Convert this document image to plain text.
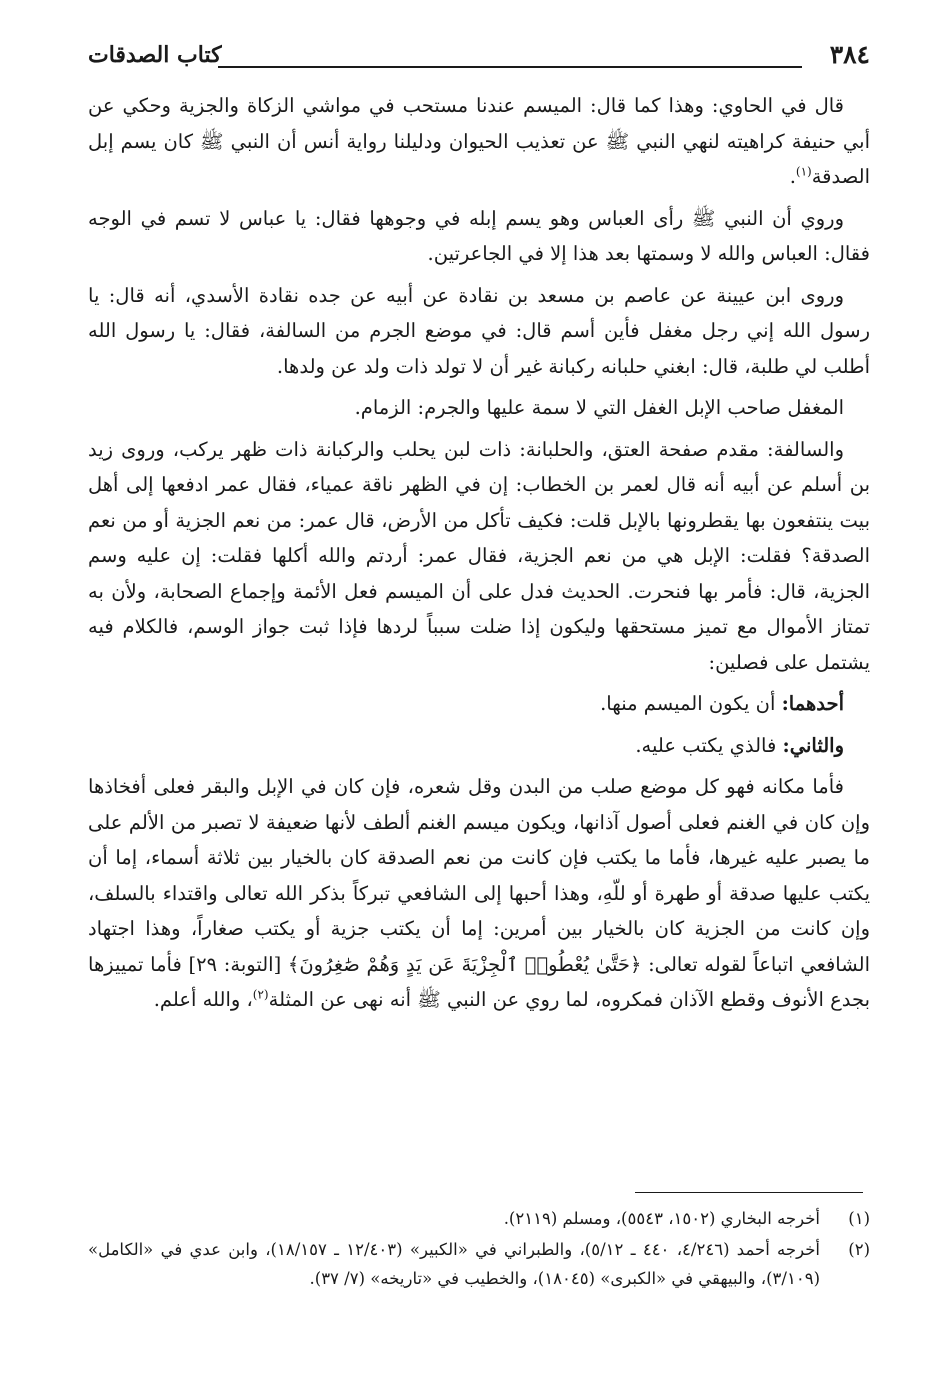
٣٨٤
كتاب الصدقات

قال في الحاوي: وهذا كما قال: الميسم عندنا مستحب في مواشي الزكاة والجزية وحكي عن أبي حنيفة كراهيته لنهي النبي ﷺ عن تعذيب الحيوان ودليلنا رواية أنس أن النبي ﷺ كان يسم إبل الصدقة$^{(١)}$.

وروي أن النبي ﷺ رأى العباس وهو يسم إبله في وجوهها فقال: يا عباس لا تسم في الوجه فقال: العباس والله لا وسمتها بعد هذا إلا في الجاعرتين.

وروى ابن عيينة عن عاصم بن مسعد بن نقادة عن أبيه عن جده نقادة الأسدي، أنه قال: يا رسول الله إني رجل مغفل فأين أسم قال: في موضع الجرم من السالفة، فقال: يا رسول الله أطلب لي طلبة، قال: ابغني حلبانه ركبانة غير أن لا تولد ذات ولد عن ولدها.

المغفل صاحب الإبل الغفل التي لا سمة عليها والجرم: الزمام.

والسالفة: مقدم صفحة العتق، والحلبانة: ذات لبن يحلب والركبانة ذات ظهر يركب، وروى زيد بن أسلم عن أبيه أنه قال لعمر بن الخطاب: إن في الظهر ناقة عمياء، فقال عمر ادفعها إلى أهل بيت ينتفعون بها يقطرونها بالإبل قلت: فكيف تأكل من الأرض، قال عمر: من نعم الجزية أو من نعم الصدقة؟ فقلت: الإبل هي من نعم الجزية، فقال عمر: أردتم والله أكلها فقلت: إن عليه وسم الجزية، قال: فأمر بها فنحرت. الحديث فدل على أن الميسم فعل الأئمة وإجماع الصحابة، ولأن به تمتاز الأموال مع تميز مستحقها وليكون إذا ضلت سبباً لردها فإذا ثبت جواز الوسم، فالكلام فيه يشتمل على فصلين:

أحدهما: أن يكون الميسم منها.

والثاني: فالذي يكتب عليه.

فأما مكانه فهو كل موضع صلب من البدن وقل شعره، فإن كان في الإبل والبقر فعلى أفخاذها وإن كان في الغنم فعلى أصول آذانها، ويكون ميسم الغنم ألطف لأنها ضعيفة لا تصبر من الألم على ما يصبر عليه غيرها، فأما ما يكتب فإن كانت من نعم الصدقة كان بالخيار بين ثلاثة أسماء، إما أن يكتب عليها صدقة أو طهرة أو للّهِ، وهذا أحبها إلى الشافعي تبركاً بذكر الله تعالى واقتداء بالسلف، وإن كانت من الجزية كان بالخيار بين أمرين: إما أن يكتب جزية أو يكتب صغاراً، وهذا اجتهاد الشافعي اتباعاً لقوله تعالى: ﴿حَتَّىٰ يُعْطُوا۟ ٱلْجِزْيَةَ عَن يَدٍ وَهُمْ صَٰغِرُونَ﴾ [التوبة: ٢٩] فأما تمييزها بجدع الأنوف وقطع الآذان فمكروه، لما روي عن النبي ﷺ أنه نهى عن المثلة$^{(٢)}$، والله أعلم.

(١)
أخرجه البخاري (١٥٠٢، ٥٥٤٣)، ومسلم (٢١١٩).
(٢)
أخرجه أحمد (٤/٢٤٦، ٤٤٠ ـ ٥/١٢)، والطبراني في «الكبير» (١٢/٤٠٣ ـ ١٨/١٥٧)، وابن عدي في «الكامل» (٣/١٠٩)، والبيهقي في «الكبرى» (١٨٠٤٥)، والخطيب في «تاريخه» (٧/ ٣٧).
